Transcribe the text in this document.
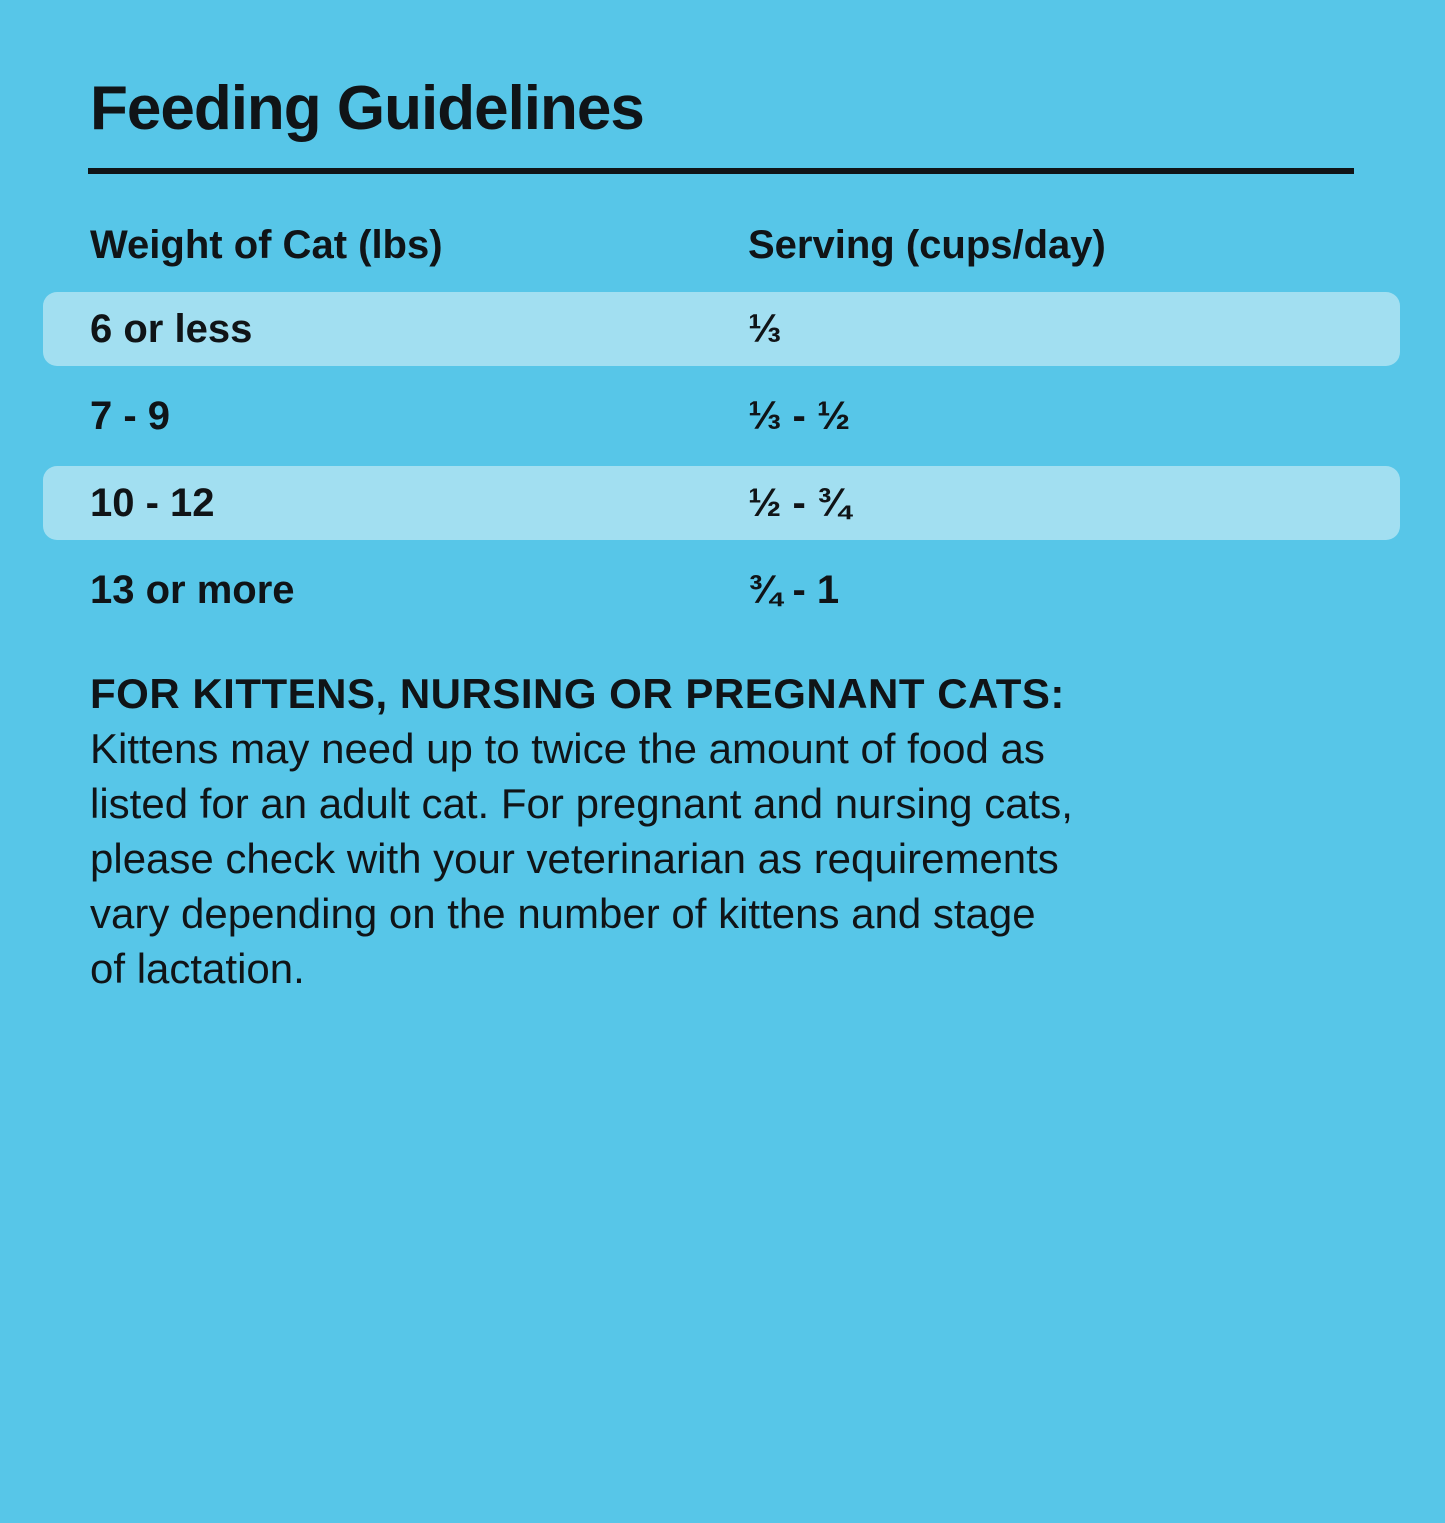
Feeding Guidelines
Weight of Cat (lbs)	Serving (cups/day)
6 or less	⅓
7 - 9	⅓ - ½
10 - 12	½ - ¾
13 or more	¾ - 1
FOR KITTENS, NURSING OR PREGNANT CATS:
Kittens may need up to twice the amount of food as
listed for an adult cat. For pregnant and nursing cats,
please check with your veterinarian as requirements
vary depending on the number of kittens and stage
of lactation.
